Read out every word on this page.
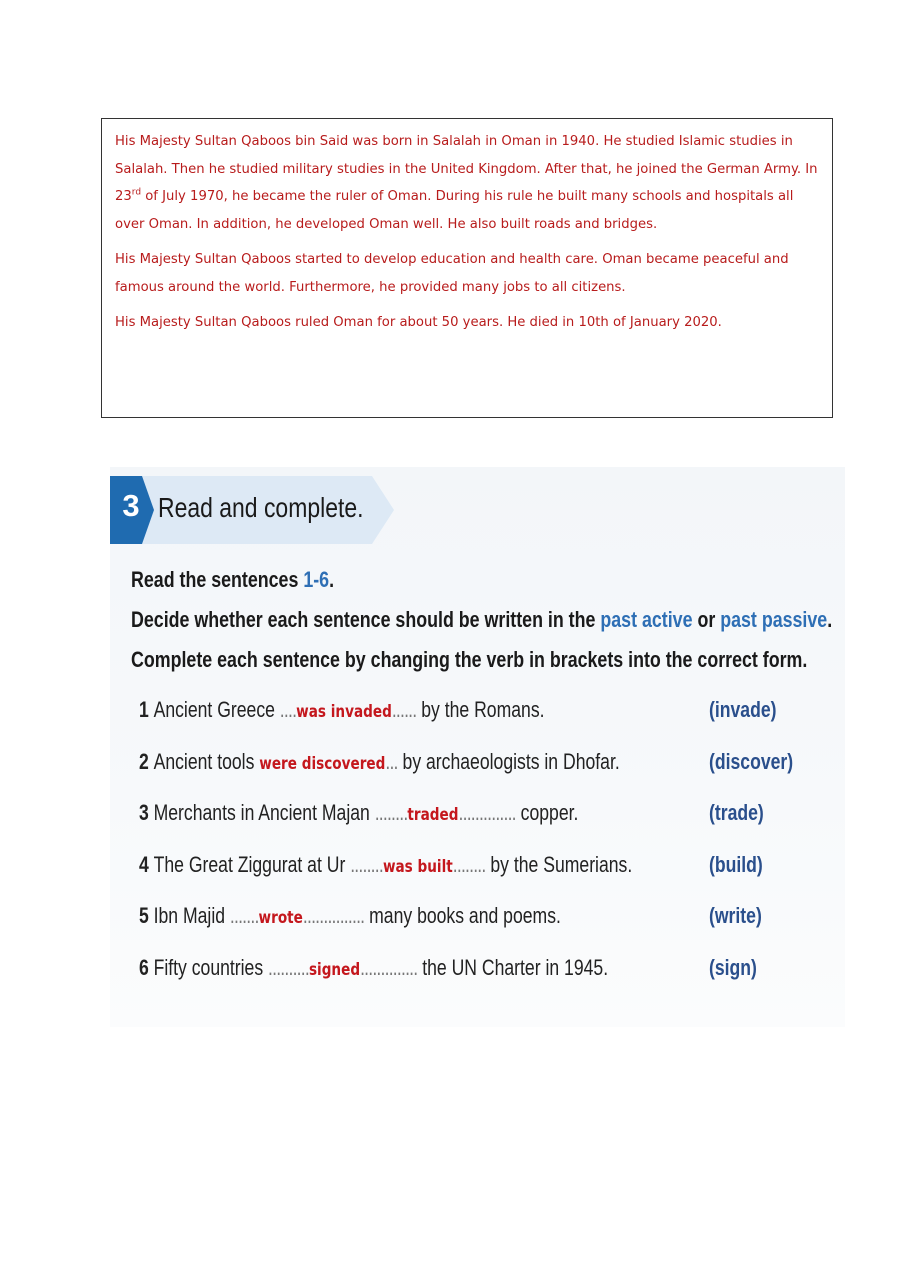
His Majesty Sultan Qaboos bin Said was born in Salalah in Oman in 1940. He studied Islamic studies in Salalah. Then he studied military studies in the United Kingdom. After that, he joined the German Army. In 23rd of July 1970, he became the ruler of Oman. During his rule he built many schools and hospitals all over Oman. In addition, he developed Oman well. He also built roads and bridges.

His Majesty Sultan Qaboos started to develop education and health care. Oman became peaceful and famous around the world. Furthermore, he provided many jobs to all citizens.

His Majesty Sultan Qaboos ruled Oman for about 50 years. He died in 10th of January 2020.

3 Read and complete.
Read the sentences 1-6.
Decide whether each sentence should be written in the past active or past passive.
Complete each sentence by changing the verb in brackets into the correct form.
1 Ancient Greece ....was invaded...... by the Romans.	(invade)
2 Ancient tools were discovered... by archaeologists in Dhofar.	(discover)
3 Merchants in Ancient Majan ........traded.............. copper.	(trade)
4 The Great Ziggurat at Ur ........was built........ by the Sumerians.	(build)
5 Ibn Majid .......wrote............... many books and poems.	(write)
6 Fifty countries ..........signed.............. the UN Charter in 1945.	(sign)
